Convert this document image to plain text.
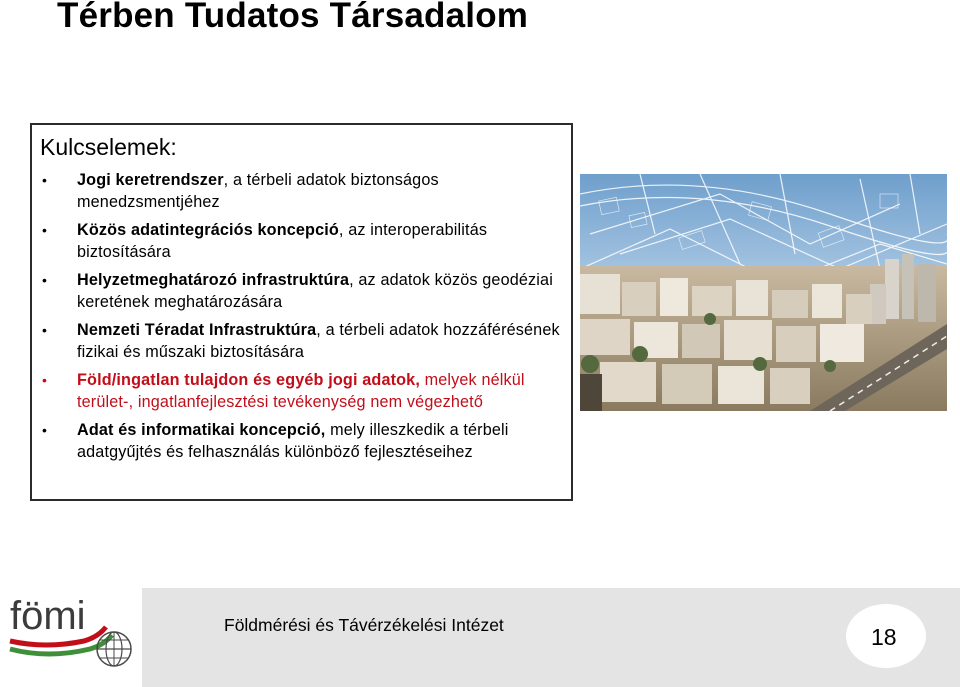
Térben Tudatos Társadalom
Kulcselemek:
• Jogi keretrendszer, a térbeli adatok biztonságos menedzsmentjéhez
• Közös adatintegrációs koncepció, az interoperabilitás biztosítására
• Helyzetmeghatározó infrastruktúra, az adatok közös geodéziai keretének meghatározására
• Nemzeti Téradat Infrastruktúra, a térbeli adatok hozzáférésének fizikai és műszaki biztosítására
• Föld/ingatlan tulajdon és egyéb jogi adatok, melyek nélkül terület-, ingatlanfejlesztési tevékenység nem végezhető
• Adat és informatikai koncepció, mely illeszkedik a térbeli adatgyűjtés és felhasználás különböző fejlesztéseihez
fömi	Földmérési és Távérzékelési Intézet	18
